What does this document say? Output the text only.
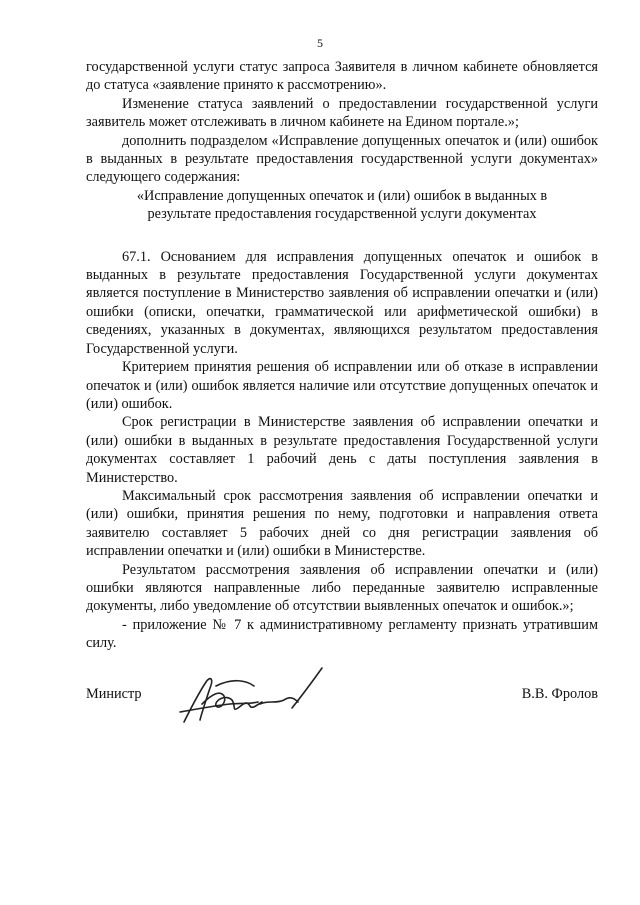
5

государственной услуги статус запроса Заявителя в личном кабинете обновляется до статуса «заявление принято к рассмотрению».

Изменение статуса заявлений о предоставлении государственной услуги заявитель может отслеживать в личном кабинете на Едином портале.»;

дополнить подразделом «Исправление допущенных опечаток и (или) ошибок в выданных в результате предоставления государственной услуги документах» следующего содержания:

«Исправление допущенных опечаток и (или) ошибок в выданных в результате предоставления государственной услуги документах

67.1. Основанием для исправления допущенных опечаток и ошибок в выданных в результате предоставления Государственной услуги документах является поступление в Министерство заявления об исправлении опечатки и (или) ошибки (описки, опечатки, грамматической или арифметической ошибки) в сведениях, указанных в документах, являющихся результатом предоставления Государственной услуги.

Критерием принятия решения об исправлении или об отказе в исправлении опечаток и (или) ошибок является наличие или отсутствие допущенных опечаток и (или) ошибок.

Срок регистрации в Министерстве заявления об исправлении опечатки и (или) ошибки в выданных в результате предоставления Государственной услуги документах составляет 1 рабочий день с даты поступления заявления в Министерство.

Максимальный срок рассмотрения заявления об исправлении опечатки и (или) ошибки, принятия решения по нему, подготовки и направления ответа заявителю составляет 5 рабочих дней со дня регистрации заявления об исправлении опечатки и (или) ошибки в Министерстве.

Результатом рассмотрения заявления об исправлении опечатки и (или) ошибки являются направленные либо переданные заявителю исправленные документы, либо уведомление об отсутствии выявленных опечаток и ошибок.»;

- приложение № 7 к административному регламенту признать утратившим силу.

Министр	В.В. Фролов
